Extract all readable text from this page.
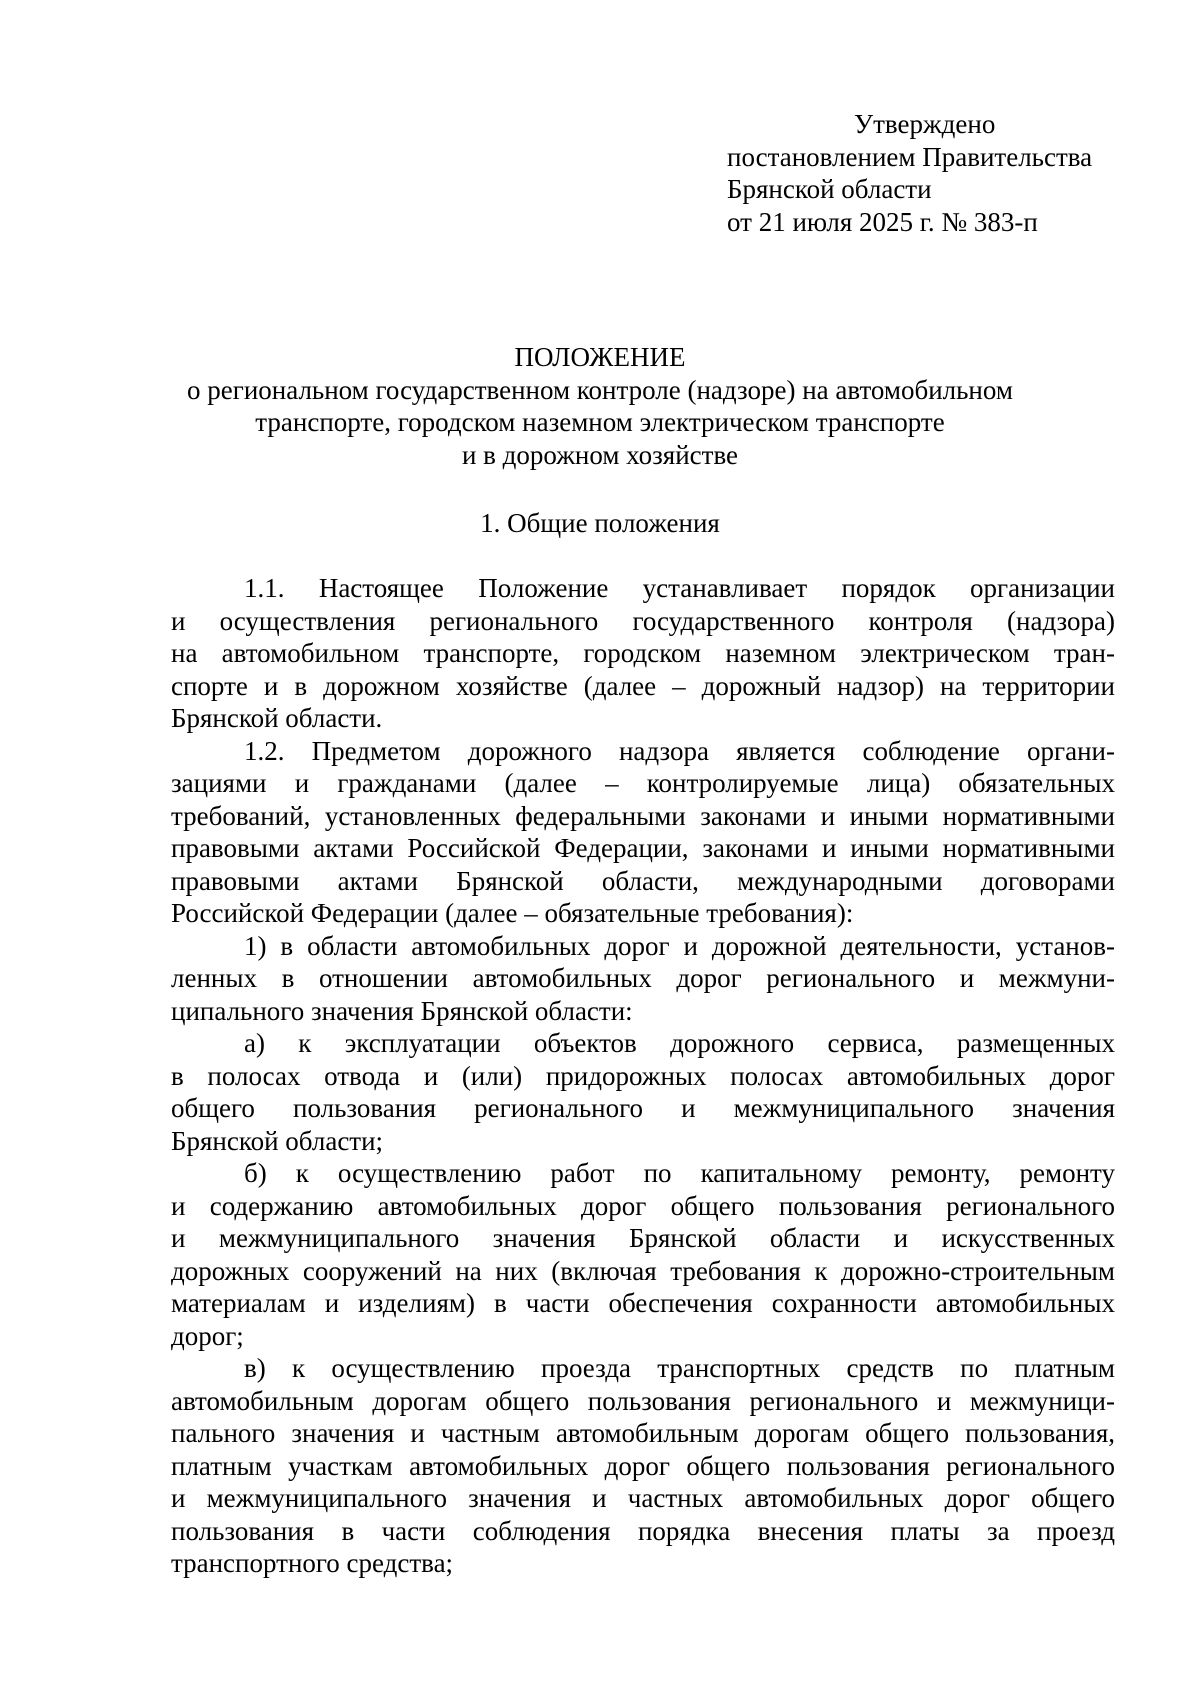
Утверждено
постановлением Правительства
Брянской области
от 21 июля 2025 г. № 383-п
ПОЛОЖЕНИЕ
о региональном государственном контроле (надзоре) на автомобильном
транспорте, городском наземном электрическом транспорте
и в дорожном хозяйстве
1. Общие положения

1.1. Настоящее Положение устанавливает порядок организации
и осуществления регионального государственного контроля (надзора)
на автомобильном транспорте, городском наземном электрическом тран-
спорте и в дорожном хозяйстве (далее – дорожный надзор) на территории
Брянской области.

1.2. Предметом дорожного надзора является соблюдение органи-
зациями и гражданами (далее – контролируемые лица) обязательных
требований, установленных федеральными законами и иными нормативными
правовыми актами Российской Федерации, законами и иными нормативными
правовыми актами Брянской области, международными договорами
Российской Федерации (далее – обязательные требования):

1) в области автомобильных дорог и дорожной деятельности, установ-
ленных в отношении автомобильных дорог регионального и межмуни-
ципального значения Брянской области:

а) к эксплуатации объектов дорожного сервиса, размещенных
в полосах отвода и (или) придорожных полосах автомобильных дорог
общего пользования регионального и межмуниципального значения
Брянской области;

б) к осуществлению работ по капитальному ремонту, ремонту
и содержанию автомобильных дорог общего пользования регионального
и межмуниципального значения Брянской области и искусственных
дорожных сооружений на них (включая требования к дорожно-строительным
материалам и изделиям) в части обеспечения сохранности автомобильных
дорог;

в) к осуществлению проезда транспортных средств по платным
автомобильным дорогам общего пользования регионального и межмуници-
пального значения и частным автомобильным дорогам общего пользования,
платным участкам автомобильных дорог общего пользования регионального
и межмуниципального значения и частных автомобильных дорог общего
пользования в части соблюдения порядка внесения платы за проезд
транспортного средства;
